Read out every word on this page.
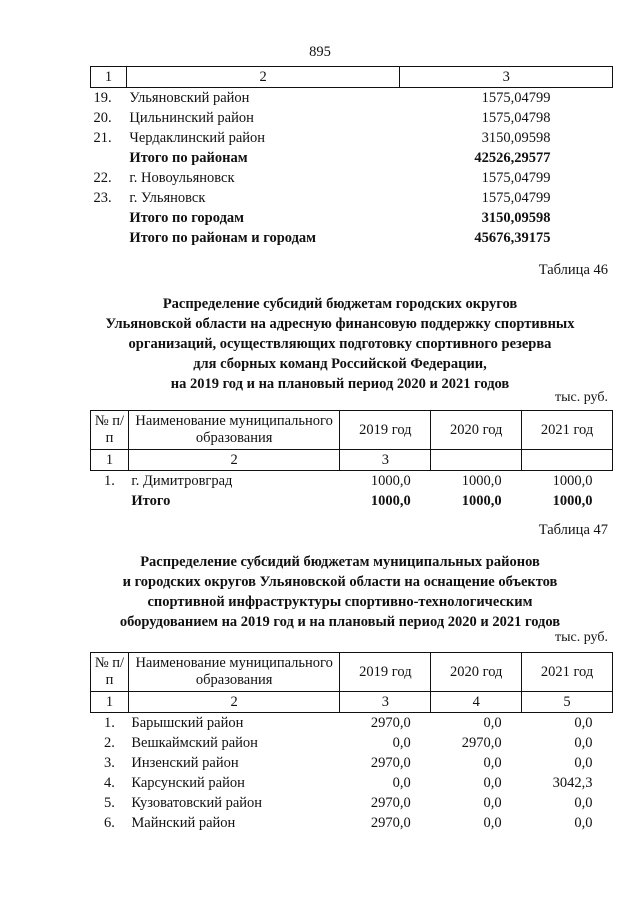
895
1	2	3
19.	Ульяновский район	1575,04799
20.	Цильнинский район	1575,04798
21.	Чердаклинский район	3150,09598
	Итого по районам	42526,29577
22.	г. Новоульяновск	1575,04799
23.	г. Ульяновск	1575,04799
	Итого по городам	3150,09598
	Итого по районам и городам	45676,39175
Таблица 46
Распределение субсидий бюджетам городских округов
Ульяновской области на адресную финансовую поддержку спортивных
организаций, осуществляющих подготовку спортивного резерва
для сборных команд Российской Федерации,
на 2019 год и на плановый период 2020 и 2021 годов
тыс. руб.
№ п/п	Наименование муниципального образования	2019 год	2020 год	2021 год
1	2	3		
1.	г. Димитровград	1000,0	1000,0	1000,0
	Итого	1000,0	1000,0	1000,0
Таблица 47
Распределение субсидий бюджетам муниципальных районов
и городских округов Ульяновской области на оснащение объектов
спортивной инфраструктуры спортивно-технологическим
оборудованием на 2019 год и на плановый период 2020 и 2021 годов
тыс. руб.
№ п/п	Наименование муниципального образования	2019 год	2020 год	2021 год
1	2	3	4	5
1.	Барышский район	2970,0	0,0	0,0
2.	Вешкаймский район	0,0	2970,0	0,0
3.	Инзенский район	2970,0	0,0	0,0
4.	Карсунский район	0,0	0,0	3042,3
5.	Кузоватовский район	2970,0	0,0	0,0
6.	Майнский район	2970,0	0,0	0,0
